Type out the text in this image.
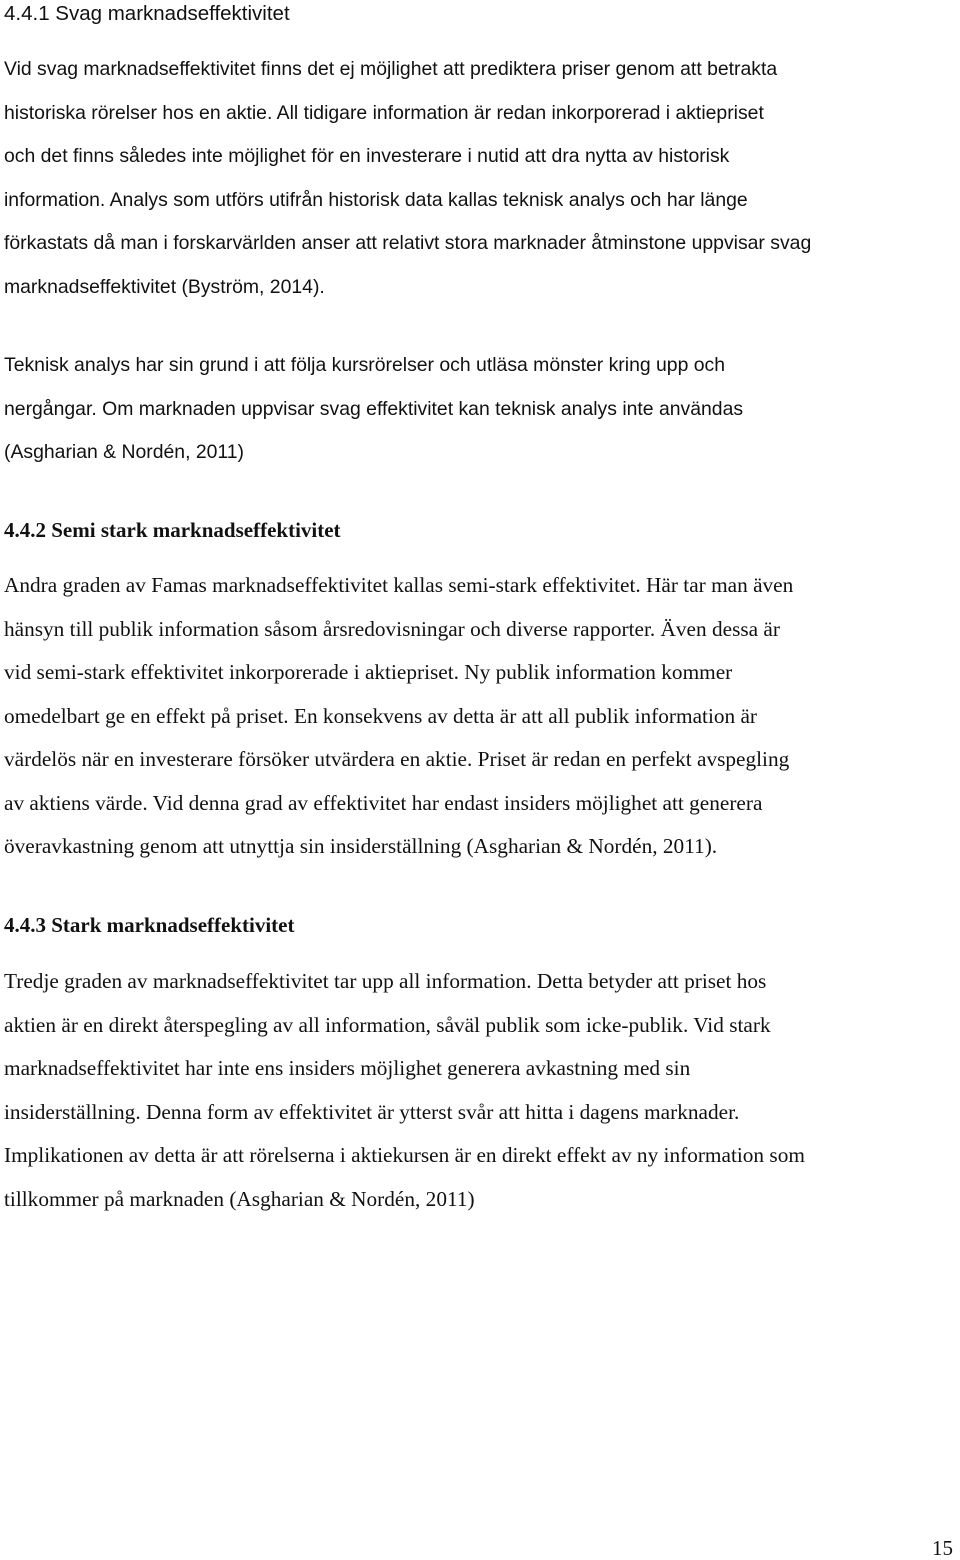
4.4.1 Svag marknadseffektivitet

Vid svag marknadseffektivitet finns det ej möjlighet att prediktera priser genom att betrakta
historiska rörelser hos en aktie. All tidigare information är redan inkorporerad i aktiepriset
och det finns således inte möjlighet för en investerare i nutid att dra nytta av historisk
information. Analys som utförs utifrån historisk data kallas teknisk analys och har länge
förkastats då man i forskarvärlden anser att relativt stora marknader åtminstone uppvisar svag
marknadseffektivitet (Byström, 2014).

Teknisk analys har sin grund i att följa kursrörelser och utläsa mönster kring upp och
nergångar. Om marknaden uppvisar svag effektivitet kan teknisk analys inte användas
(Asgharian & Nordén, 2011)

4.4.2 Semi stark marknadseffektivitet

Andra graden av Famas marknadseffektivitet kallas semi-stark effektivitet. Här tar man även
hänsyn till publik information såsom årsredovisningar och diverse rapporter. Även dessa är
vid semi-stark effektivitet inkorporerade i aktiepriset. Ny publik information kommer
omedelbart ge en effekt på priset. En konsekvens av detta är att all publik information är
värdelös när en investerare försöker utvärdera en aktie. Priset är redan en perfekt avspegling
av aktiens värde. Vid denna grad av effektivitet har endast insiders möjlighet att generera
överavkastning genom att utnyttja sin insiderställning (Asgharian & Nordén, 2011).

4.4.3 Stark marknadseffektivitet

Tredje graden av marknadseffektivitet tar upp all information. Detta betyder att priset hos
aktien är en direkt återspegling av all information, såväl publik som icke-publik. Vid stark
marknadseffektivitet har inte ens insiders möjlighet generera avkastning med sin
insiderställning. Denna form av effektivitet är ytterst svår att hitta i dagens marknader.
Implikationen av detta är att rörelserna i aktiekursen är en direkt effekt av ny information som
tillkommer på marknaden (Asgharian & Nordén, 2011)

15
